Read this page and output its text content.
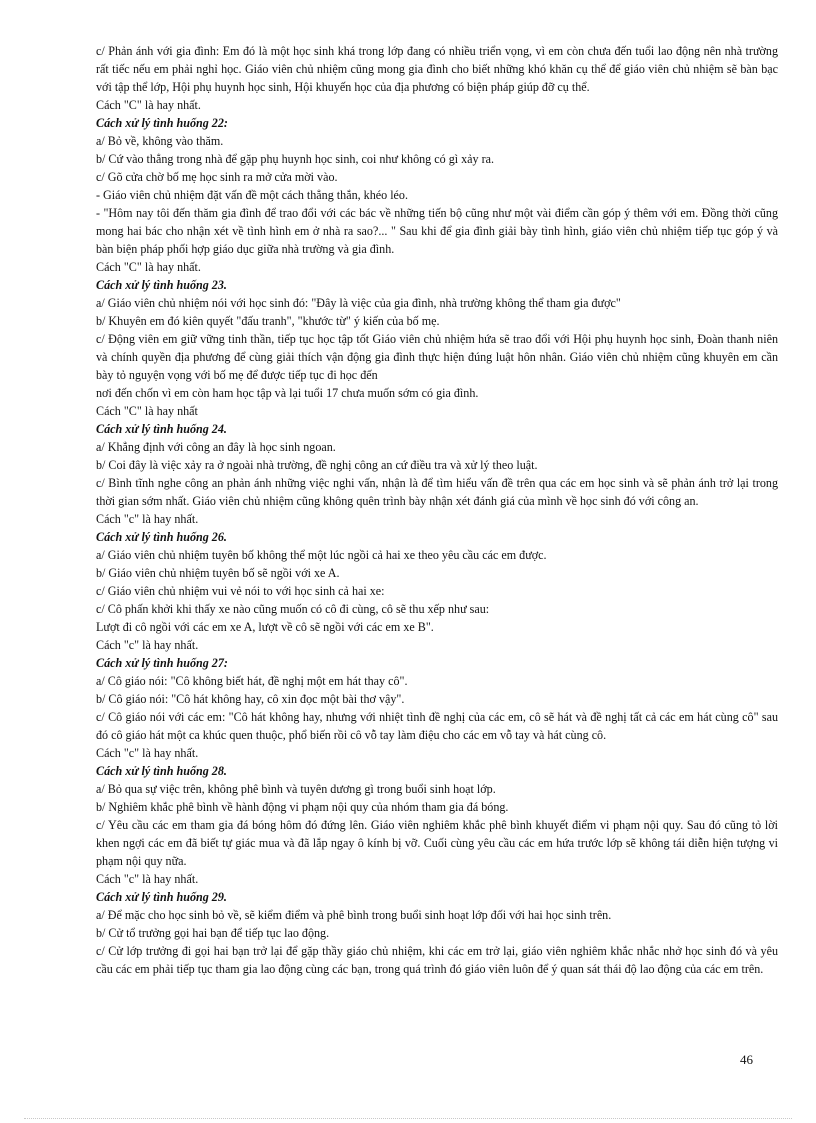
c/ Phản ánh với gia đình: Em đó là một học sinh khá trong lớp đang có nhiều triển vọng, vì em còn chưa đến tuổi lao động nên nhà trường rất tiếc nếu em phải nghỉ học. Giáo viên chủ nhiệm cũng mong gia đình cho biết những khó khăn cụ thể để giáo viên chủ nhiệm sẽ bàn bạc với tập thể lớp, Hội phụ huynh học sinh, Hội khuyến học của địa phương có biện pháp giúp đỡ cụ thể.

Cách "C" là hay nhất.

Cách xử lý tình huống 22:

a/ Bỏ về, không vào thăm.

b/ Cứ vào thẳng trong nhà để gặp phụ huynh học sinh, coi như không có gì xảy ra.

c/ Gõ cửa chờ bố mẹ học sinh ra mở cửa mời vào.

- Giáo viên chủ nhiệm đặt vấn đề một cách thẳng thắn, khéo léo.

- "Hôm nay tôi đến thăm gia đình để trao đổi với các bác về những tiến bộ cũng như một vài điểm cần góp ý thêm với em. Đồng thời cũng mong hai bác cho nhận xét về tình hình em ở nhà ra sao?... " Sau khi để gia đình giải bày tình hình, giáo viên chủ nhiệm tiếp tục góp ý và bàn biện pháp phối hợp giáo dục giữa nhà trường và gia đình.

Cách "C" là hay nhất.

Cách xử lý tình huống 23.

a/ Giáo viên chủ nhiệm nói với học sinh đó: "Đây là việc của gia đình, nhà trường không thể tham gia được"

b/ Khuyên em đó kiên quyết "đấu tranh", "khước từ" ý kiến của bố mẹ.

c/ Động viên em giữ vững tinh thần, tiếp tục học tập tốt Giáo viên chủ nhiệm hứa sẽ trao đổi với Hội phụ huynh học sinh, Đoàn thanh niên và chính quyền địa phương để cùng giải thích vận động gia đình thực hiện đúng luật hôn nhân. Giáo viên chủ nhiệm cũng khuyên em cần bày tỏ nguyện vọng với bố mẹ để được tiếp tục đi học đến

nơi đến chốn vì em còn ham học tập và lại tuổi 17 chưa muốn sớm có gia đình.

Cách "C" là hay nhất

Cách xử lý tình huống 24.

a/ Khẳng định với công an đây là học sinh ngoan.

b/ Coi đây là việc xảy ra ở ngoài nhà trường, đề nghị công an cứ điều tra và xử lý theo luật.

c/ Bình tĩnh nghe công an phản ánh những việc nghi vấn, nhận là để tìm hiểu vấn đề trên qua các em học sinh và sẽ phản ánh trở lại trong thời gian sớm nhất. Giáo viên chủ nhiệm cũng không quên trình bày nhận xét đánh giá của mình về học sinh đó với công an.

Cách "c" là hay nhất.

Cách xử lý tình huống 26.

a/ Giáo viên chủ nhiệm tuyên bố không thể một lúc ngồi cả hai xe theo yêu cầu các em được.

b/ Giáo viên chủ nhiệm tuyên bố sẽ ngồi với xe A.

c/ Giáo viên chủ nhiệm vui vẻ nói to với học sinh cả hai xe:

c/ Cô phấn khởi khi thấy xe nào cũng muốn có cô đi cùng, cô sẽ thu xếp như sau:

Lượt đi cô ngồi với các em xe A, lượt về cô sẽ ngồi với các em xe B".

Cách "c" là hay nhất.

Cách xử lý tình huống 27:

a/ Cô giáo nói: "Cô không biết hát, đề nghị một em hát thay cô".

b/ Cô giáo nói: "Cô hát không hay, cô xin đọc một bài thơ vậy".

c/ Cô giáo nói với các em: "Cô hát không hay, nhưng với nhiệt tình đề nghị của các em, cô sẽ hát và đề nghị tất cả các em hát cùng cô" sau đó cô giáo hát một ca khúc quen thuộc, phổ biến rồi cô vỗ tay làm điệu cho các em vỗ tay và hát cùng cô.

Cách "c" là hay nhất.

Cách xử lý tình huống 28.

a/ Bỏ qua sự việc trên, không phê bình và tuyên dương gì trong buổi sinh hoạt lớp.

b/ Nghiêm khắc phê bình về hành động vi phạm nội quy của nhóm tham gia đá bóng.

c/ Yêu cầu các em tham gia đá bóng hôm đó đứng lên. Giáo viên nghiêm khắc phê bình khuyết điểm vi phạm nội quy. Sau đó cũng tỏ lời khen ngợi các em đã biết tự giác mua và đã lắp ngay ô kính bị vỡ. Cuối cùng yêu cầu các em hứa trước lớp sẽ không tái diễn hiện tượng vi phạm nội quy nữa.

Cách "c" là hay nhất.

Cách xử lý tình huống 29.

a/ Để mặc cho học sinh bỏ về, sẽ kiểm điểm và phê bình trong buổi sinh hoạt lớp đối với hai học sinh trên.

b/ Cử tổ trưởng gọi hai bạn để tiếp tục lao động.

c/ Cử lớp trưởng đi gọi hai bạn trở lại để gặp thầy giáo chủ nhiệm, khi các em trở lại, giáo viên nghiêm khắc nhắc nhở học sinh đó và yêu cầu các em phải tiếp tục tham gia lao động cùng các bạn, trong quá trình đó giáo viên luôn để ý quan sát thái độ lao động của các em trên.

46
